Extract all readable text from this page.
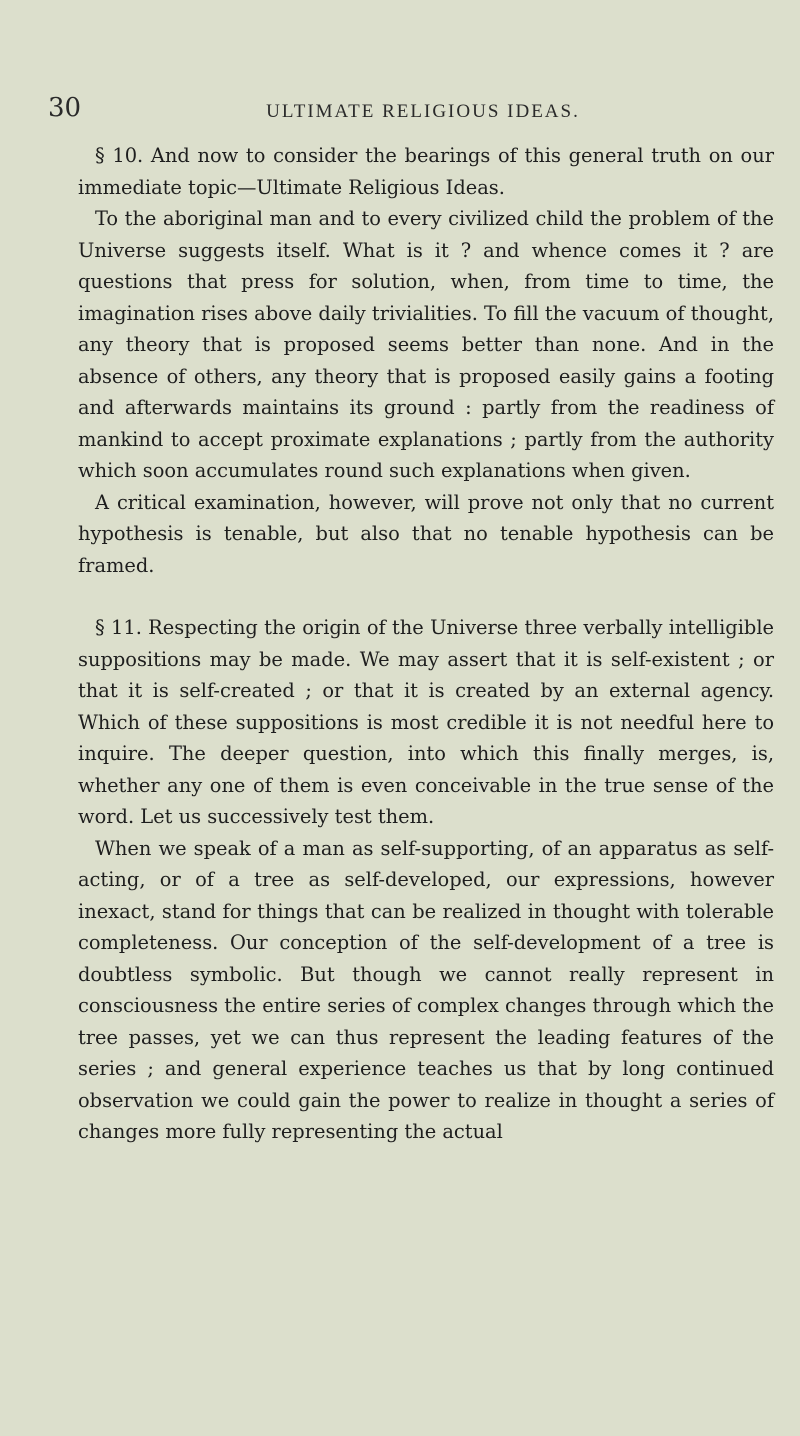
30	ULTIMATE RELIGIOUS IDEAS.

§ 10. And now to consider the bearings of this general truth on our immediate topic—Ultimate Religious Ideas.

To the aboriginal man and to every civilized child the problem of the Universe suggests itself. What is it ? and whence comes it ? are questions that press for solution, when, from time to time, the imagination rises above daily trivialities. To fill the vacuum of thought, any theory that is proposed seems better than none. And in the absence of others, any theory that is proposed easily gains a footing and afterwards maintains its ground : partly from the readiness of mankind to accept proximate explanations ; partly from the authority which soon accumulates round such explanations when given.

A critical examination, however, will prove not only that no current hypothesis is tenable, but also that no tenable hypothesis can be framed.

§ 11. Respecting the origin of the Universe three verbally intelligible suppositions may be made. We may assert that it is self-existent ; or that it is self-created ; or that it is created by an external agency. Which of these suppositions is most credible it is not needful here to inquire. The deeper question, into which this finally merges, is, whether any one of them is even conceivable in the true sense of the word. Let us successively test them.

When we speak of a man as self-supporting, of an apparatus as self-acting, or of a tree as self-developed, our expressions, however inexact, stand for things that can be realized in thought with tolerable completeness. Our conception of the self-development of a tree is doubtless symbolic. But though we cannot really represent in consciousness the entire series of complex changes through which the tree passes, yet we can thus represent the leading features of the series ; and general experience teaches us that by long continued observation we could gain the power to realize in thought a series of changes more fully representing the actual
